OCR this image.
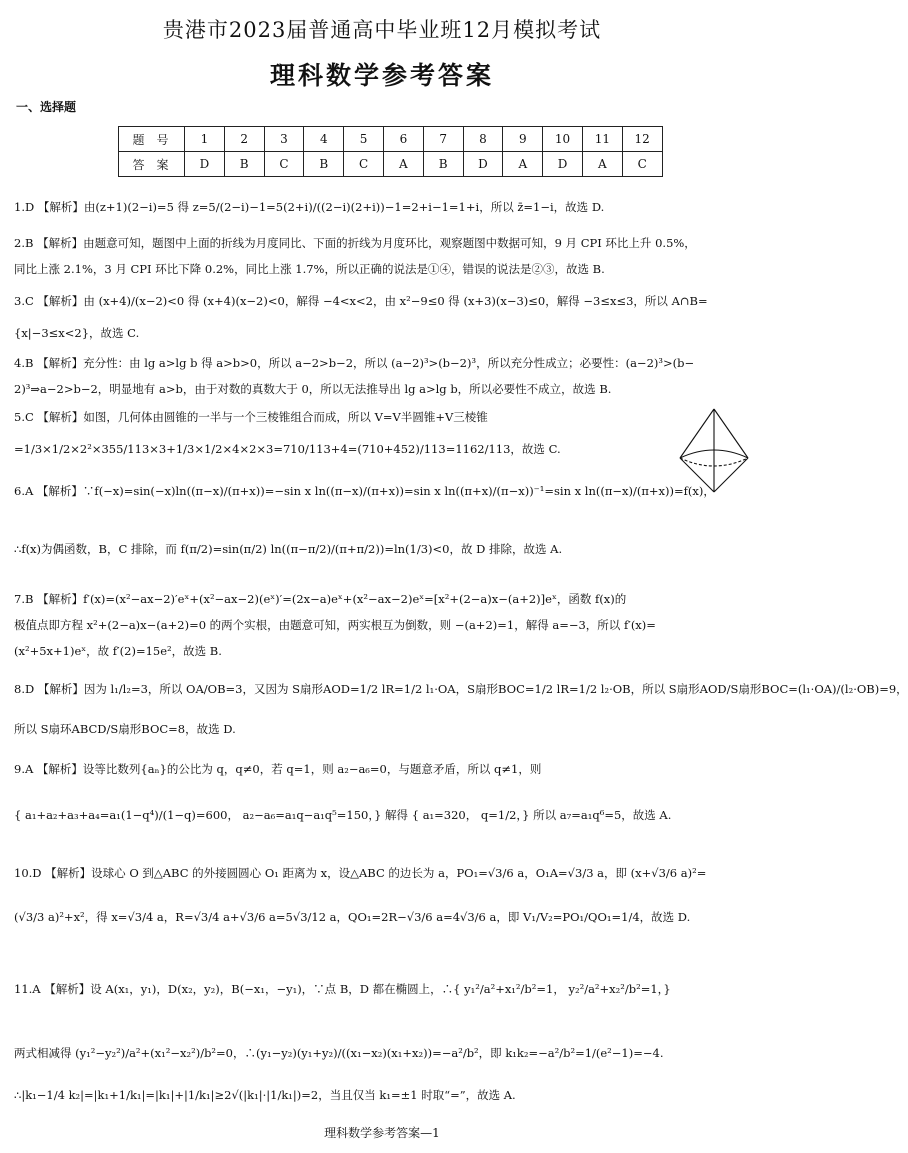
贵港市2023届普通高中毕业班12月模拟考试
理科数学参考答案
一、选择题
题号	1	2	3	4	5	6	7	8	9	10	11	12
答案	D	B	C	B	C	A	B	D	A	D	A	C
1.D 【解析】由(z+1)(2−i)=5 得 z=5/(2−i)−1=5(2+i)/((2−i)(2+i))−1=2+i−1=1+i，所以 z̄=1−i，故选 D.
2.B 【解析】由题意可知，题图中上面的折线为月度同比、下面的折线为月度环比，观察题图中数据可知，9 月 CPI 环比上升 0.5%，
同比上涨 2.1%，3 月 CPI 环比下降 0.2%，同比上涨 1.7%，所以正确的说法是①④，错误的说法是②③，故选 B.
3.C 【解析】由 (x+4)/(x−2)<0 得 (x+4)(x−2)<0，解得 −4<x<2，由 x²−9≤0 得 (x+3)(x−3)≤0，解得 −3≤x≤3，所以 A∩B=
{x|−3≤x<2}，故选 C.
4.B 【解析】充分性：由 lg a>lg b 得 a>b>0，所以 a−2>b−2，所以 (a−2)³>(b−2)³，所以充分性成立；必要性：(a−2)³>(b−
2)³⇒a−2>b−2，明显地有 a>b，由于对数的真数大于 0，所以无法推导出 lg a>lg b，所以必要性不成立，故选 B.
5.C 【解析】如图，几何体由圆锥的一半与一个三棱锥组合而成，所以 V=V半圆锥+V三棱锥
=1/3×1/2×2²×355/113×3+1/3×1/2×4×2×3=710/113+4=(710+452)/113=1162/113，故选 C.
6.A 【解析】∵f(−x)=sin(−x)ln((π−x)/(π+x))=−sin x ln((π−x)/(π+x))=sin x ln((π+x)/(π−x))⁻¹=sin x ln((π−x)/(π+x))=f(x)，
∴f(x)为偶函数，B，C 排除，而 f(π/2)=sin(π/2) ln((π−π/2)/(π+π/2))=ln(1/3)<0，故 D 排除，故选 A.
7.B 【解析】f′(x)=(x²−ax−2)′eˣ+(x²−ax−2)(eˣ)′=(2x−a)eˣ+(x²−ax−2)eˣ=[x²+(2−a)x−(a+2)]eˣ，函数 f(x)的
极值点即方程 x²+(2−a)x−(a+2)=0 的两个实根，由题意可知，两实根互为倒数，则 −(a+2)=1，解得 a=−3，所以 f′(x)=
(x²+5x+1)eˣ，故 f′(2)=15e²，故选 B.
8.D 【解析】因为 l₁/l₂=3，所以 OA/OB=3，又因为 S扇形AOD=1/2 lR=1/2 l₁·OA，S扇形BOC=1/2 lR=1/2 l₂·OB，所以 S扇形AOD/S扇形BOC=(l₁·OA)/(l₂·OB)=9，
所以 S扇环ABCD/S扇形BOC=8，故选 D.
9.A 【解析】设等比数列{aₙ}的公比为 q，q≠0，若 q=1，则 a₂−a₆=0，与题意矛盾，所以 q≠1，则
{ a₁+a₂+a₃+a₄=a₁(1−q⁴)/(1−q)=600， a₂−a₆=a₁q−a₁q⁵=150，} 解得 { a₁=320， q=1/2，} 所以 a₇=a₁q⁶=5，故选 A.
10.D 【解析】设球心 O 到△ABC 的外接圆圆心 O₁ 距离为 x，设△ABC 的边长为 a，PO₁=√3/6 a，O₁A=√3/3 a，即 (x+√3/6 a)²=
(√3/3 a)²+x²，得 x=√3/4 a，R=√3/4 a+√3/6 a=5√3/12 a，QO₁=2R−√3/6 a=4√3/6 a，即 V₁/V₂=PO₁/QO₁=1/4，故选 D.
11.A 【解析】设 A(x₁，y₁)，D(x₂，y₂)，B(−x₁，−y₁)，∵点 B，D 都在椭圆上，∴{ y₁²/a²+x₁²/b²=1， y₂²/a²+x₂²/b²=1，}
两式相减得 (y₁²−y₂²)/a²+(x₁²−x₂²)/b²=0，∴(y₁−y₂)(y₁+y₂)/((x₁−x₂)(x₁+x₂))=−a²/b²，即 k₁k₂=−a²/b²=1/(e²−1)=−4.
∴|k₁−1/4 k₂|=|k₁+1/k₁|=|k₁|+|1/k₁|≥2√(|k₁|·|1/k₁|)=2，当且仅当 k₁=±1 时取“=”，故选 A.
理科数学参考答案—1
